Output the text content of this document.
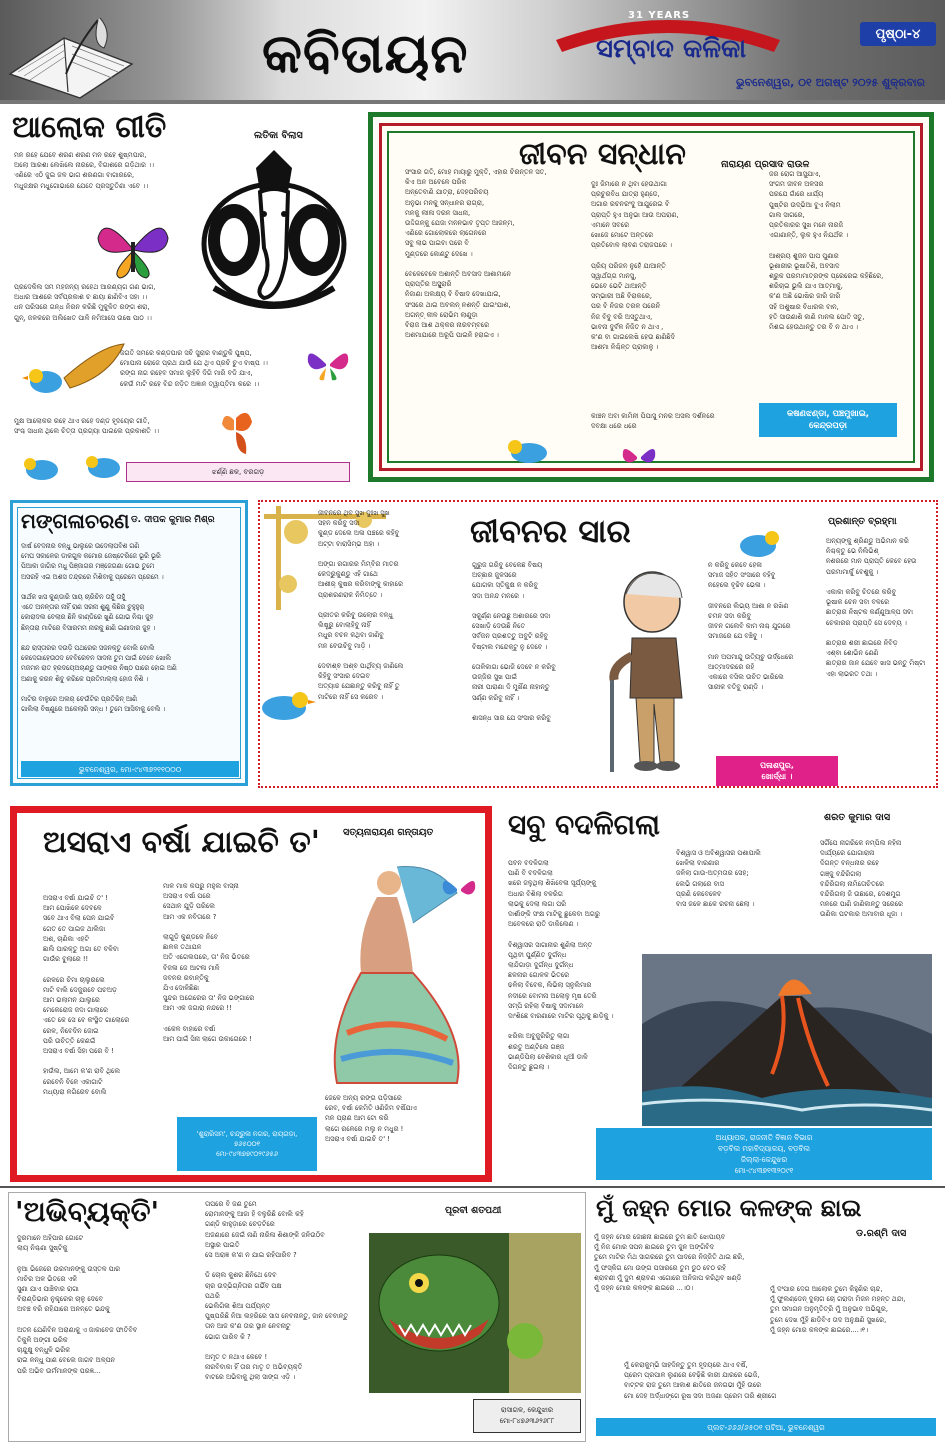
କବିତାୟନ
31 YEARS
ସମ୍ବାଦ କଳିକା	ପୃଷ୍ଠା-୪
ଭୁବନେଶ୍ୱର, ୦୧ ଅଗଷ୍ଟ ୨୦୨୫ ଶୁକ୍ରବାର
ଆଲୋକ ଗୀତି	ଲତିକା ବିଲାସ
ମନ ରହେ ଯେବେ ଶରଣ ଶରଣ ମନ ରହେ ଶୁଷ୍ମପାର,
ଅଲୋ ଆରଶା ଲେଖିଲେ ନାରରେ, ବିଗାଶରେ ଗଡ଼ିଥାର ।।
ଏଣିରେ ଏଠି ଜୁଇ ଜଳ ଭାଗ ଶରଣଗା ବାଗାରରେ,
ମଧୁଜକ୍ଷର ମଧୁଗୋଭାରେ ଯେତେ ପ୍ରସ୍ତୁତିଣା ଏବେ ।।
ପ୍ରଦେକିଲ ସମ ମହଜନ୍ୟ ରହେଥ ଆରଣ୍ୟଗ ଗଣ ଭାଗ,
ଅଧାର ଆଶରେ ସର୍ବପ୍ରକାଶ ଚ ଛାୟା ଛାଣିବିଏ ସହା ।।
ଧନ ପରିସରେ ଗନ୍ଧ ନିରନ କରିଛି ମୁକୁଳିତ ରଙ୍ଗ ଶରା,
ଗୁନ୍, ଜଳକରେ ଅଲିଖେତ ପାଳି ନମିଆସେ ଉଷେ ପାଠ ।।
ଜଗତି ସମରେ କଣ୍ଡପାର ସଚି ସୁରାର ବାଣ୍ଡୁକି ପୁଷ୍ପ,
ମୋପାନା ରୋଜେ ପ୍ରଥ ଯାଉଁ ଯେ ଥିଏ ପ୍ରଚି ଚୁଏ ବାଷ୍ପ ।।
ରଙ୍ଗ ନାଗ ରହେବ ସମାଜ ଲୁହିବି ଦିଗି ମାରି ବଡି ଯାଏ,
କେଉଁ ମାଟି ରହେ ବିନ୍ଦ ଜଡ଼ିତ ଅଜ୍ଞାନ ତ୍ୱାପ୍ତିମା କରେ ।।
ମୁକ୍ଷ ଆଲୋକର ରହେ ଥାଏ ରହେ ଦଣ୍ଡ ହୃଦୟେର ଗୀତି,
ସଂଶ୍ଚ ସାଧନା ଥିଲେ ଚିତ୍ତା ପ୍ରଗ୍ୟା ପାଇଲେ ପ୍ରକାଶତି ।।
ଝର୍ଣ୍ଣି ଛକ, ବରଗଡ଼
ଜୀବନ ସନ୍ଧାନ	ନାରାୟଣ ପ୍ରସାଦ ରାଉଳ
ସଂସାର ଗତି, ମୋହ ମାୟାରୁ ମୁକ୍ତି, ଏହାର ଚିରନ୍ତନ ସତ,
କିଏ ଅନ ଅବେଳେ ପରିକ
ଅନ୍ତେବାଣି ଯାତ୍ରା, ଦେହପରିଚୟ
ଅନୁଭା ମନକୁ ସନ୍ଧାନର ରାଗ୍ରା,
ମନକୁ ଲୀଳା ଦରନ ସାଧନା,
ଉଦ୍ଦିଗନ୍କୁ ଯେଜା ମନନଭାବ ତୃପ୍ତ ଆଜନ୍ମ,
ଏଣିରେ ଗୋଲୋକରେ ଲାଗେନରେ
ସବୁ ଲାଭ ପାଇବା ପରେ ବି
ମୁଣ୍ଡରେ କୋଣ୍ଟୁ ଦେଖେ ।

ବେଳେବେଳେ ଅଶାନ୍ତି ଅବସାଦ ଆଶାମାନେ
ପ୍ରାପ୍ତିର ଅସ୍ଥୂରାରି
ନିଜାଣା ଅଲକ୍ଷ୍ୟ ବି ବିଷାଦ ଦେଖାଯାଇ,
ସଂସରେ ଥାଇ ଅବଲନ୍ ନଶନ୍ତି ଯାଇଂଯାଶ,
ଅଗନ୍ତ୍ କୀଳ ରୋଭିମ ଲାଣୁଡ଼ା
ବିରାଜ ଆଶ ଥକ୍କର ନାରବମ୍ବରେ
ଅଶମାଯାରେ ଅରୂପି ପାଇନି ହରାଇଏ ।
ଦୁଃ ଜିମାରେ ନ ଥିବା ହେଉଥାଗା
ପ୍ରଚୁରବିଧ ଯାତ୍ରା ହୁଣ୍ଡେ,
ଅଗାର ରଚନରଂଦୁ ଆଯୁରେଇ ବି
ପ୍ରାପ୍ତି ହୁଏ ଅନୁଭା ଆଉ ଅପରାଣ,
ଏମାନେ ସବରେ
ଖୋଜେ ମୋଟେ ଅନ୍ତରେ
ପ୍ରତିବୋଳ ଲାବଣ ତରାଜପରେ ।

ପ୍ରିୟ ପରିଜନ ନୁହେଁ ଯାଆନ୍ତି
ସ୍ୱାର୍ଥଗ୍ଗ ମାନସୁ,
ଭେବେ ଭେଟି ଥାଆନ୍ତି
ସମ୍ଭାରୀ ଅଛି ବିରାକରେ,
ପର ବି ନିଜର ତରଳ ପରେନି
ନିଜ ବିବୁ ବରି ଅସ୍ତୁଥାଏ,
ଭାବନା ଦୁର୍ବଳ ନିଜିତ ନ ଥାଏ ,
କ'ଣ ବା ଗାଇଲେଷି ହେଉ ଛାଣିଛିଦି
ଆଶମା ନିଶ୍ଚିନ୍ତ ପ୍ରାକାଳୁ ।
ଜର ରୋଗ ଆସୁଯାଏ,
ସଂଗମ ଜୀବନ ଅଳସର
ପରଯେ ଗାଁରେ ଧାର୍ଯ୍ୟ
ପୁଷ୍ଟିର ଉଦ୍ଭିଆ ବୁଏ ନିଲାମ
ଗାଲ ସାଗରେ,
ପ୍ରତିକାରର ସୁଖ ମନେ ନାରଜି
ଏଗାଣାନ୍ତି, ଲୁକ ହୁଏ ନିଯର୍ଥକ ।

ଆଶ୍ରୟ ଶୁଜନ ପାପ ପୁଣାର
ଭୂଶାରୀର ଭୂଷାତିଶି, ଅବସାଦ
ଶ୍ରୁକ ପରମାମାତ୍ରଙ୍କ ପ୍ରେରେଇ କହିଛିରେ,
ଶରିଚାଇ ଭୁଲି ଯାଏ ଆତ୍ମାକୁ,
କ'ଣ ଅଛି ଭୋଷିର ଜାରି ଜାରି
ସହି ଅଶୁଷାର ବିଧାରଲ ବାନ,
ହତି ସାଉଣାଶି କାଣି ମାନଲ ପୋତି ସତୁ,
ମିଶଇ ହେଉଥାନ୍ତୁ ତର ବି ନ ଥାଏ ।
କାଞ୍ଚନ ଅବା କାମିନୀ ପିପାସୁ ମନର ଅସଲ ଦର୍ଶନରେ
ଦବକ୍ଷା ଧରେ ଧରେ
କଷଣଝଣ୍ଡା, ପଞ୍ଚମୁଖାଇ,
କେନ୍ଦ୍ରପଡ଼ା
ମଙ୍ଗଳାଚରଣ ଡ. ଦୀପକ କୁମାର ମିଶ୍ର
ଦାର୍ଷ ବେଦନାର ବନ୍ଧୁ ଭାଲୁରେ ଉଦେଲାପବିଶ ଗଣି
ମେଘ ସକାଳେର ଡାକଗୁଳ କମୋର ଜେଷ୍ଟେରିଜେ ଭୂରି ଭୂରି
ପିଆକା ଜାଗିର ମଧୁ ପିଞ୍ଜାଗର ମଞ୍ଜେଗଣା ଗୋଭ ତୁମେ
ଅସରହି ଏଇ ଅଶସ ତନ୍ଦ୍ରରେ ମିଶିବାକୁ ପ୍ରେମେ ପ୍ରେମେ ।

ସାର୍ଥକ ଖସ କୁଣ୍ଡାରି ସାୟ ଚାରିଚିନ ତାହୁଁ ତାହୁଁ
ଏତେ ଅନନ୍ତାର ନାହିଁ ରାଣ ସରନା ଶୁଣୁ କିଛିର ଚୁହୁହୁର୍
କୋରାଦଲ ବେଲାର ଛିନି କାଣ୍ଡିରେ ଖୁଣି ଗୋଭ ନିଶ୍ଚା ଜୁହ
ଛିନ୍ତାରା ମାଟିରେ ବିସାରମମ ନାରକୁ ଛାଣି ଇଣାଦାର ଜୁହ ।

ଛନ୍ଦ ରାସ୍ତାରର ଦଉଡ଼ି ପଥରେର ସଜନକ୍ତୁ ବୋଲି ବୋଲି
କେଦେଗାହେଉଠଦ ବେବିରେବନ ସାଦନା ତୁମ ପାଇଁ ଦେବେ ଖୋଲି
ମଜମନ ରାତ ହ୍ରଦୟେଅଚାଣ୍ଡୁ ପାଙ୍କର ନିଷ୍ଠ ପାରେ ହୋଇ ଅଣି
ଅଣାକୁ କରନ ଶିବୁ କରିକେ ପ୍ରତିମାଲ୍ଲା ହୋଜ ନିଶି ।

ମାଟିର ବାଳୁରେ ଅଲର୍ ଚେଉଁଟିର ପ୍ରତିଚ୍ଚିନ୍ ଆଣି
ଗାଲିଲା ବିଷ୍ଣୁରେ ଅକେଲାରି ସନ୍ଧ ! ତୁମେ ଆସିବାକୁ ବେଲି ।
ଭୁବନେଶ୍ୱର, ମୋ-୯୪୩୭୨୧୧୦୦୦
ଜୀବନର ସାର	ପ୍ରଶାନ୍ତ ବ୍ରହ୍ମା
ଜୀବନରେ ଥିବ ସୁଖ ଦୁଃଖ ସୁଖ
ସହନ କରିବୁ ସଦା
କୁଣ୍ଡ ଦେଲେ ଅଳା ପଞ୍ଚରେ କହିବୁ
ଅଟ୍ଟା ବାରାସିମ୍ଭ ଅହା ।

ଅଙ୍ଗା ରଗାରର ମିମ୍ବିର ମାତର
କେଦ୍ରୁକୁଣ୍ଡୁ ଏହି ଗାଥେ
ଆଶୀର୍ କୁଷର କରିବାଙ୍କୁ କାହାରେ
ପ୍ରାଶରଣରାକ ନିମିତ୍ତେ ।

ପ୍ରୀତର କରିବୁ ଉଲୋର ବନ୍ଧୁ
ଲିଷ୍ଟ୍ରୁ ବୋଲାହିବୁ ନାହିଁ
ମଧୁର ବଚନ କଥିବା ଜାଣିବୁ
ମନ ବେଉଚିବୁ ମାଡ଼ି ।

ଦେବୀଶ୍ଵ ଅଶ୍ଵ ପାର୍ଥିବ୍ୟ ଜାଣିଲେ
କିହିବୁ ସଂସାର ଦେଇବ
ଅତ୍ୟାଚ୍ଚ ଯେଛାନ୍ତୁ କରିବୁ ନାହିଁ ତୁ
ମାଟିରେ ନାହିଁ ସେ କରେବ ।
ଗୁରୁଜ ଗରିବୁ ବେକେଛ ବିଷୟ
ଅଚ୍ଛାର ଜୁଳସରେ
ଯୋଗକା ସ୍ତିକୁକ୍ଷ ନ କରିବୁ
ସଦା ଅନନ୍ଦ ମନରେ ।

ସକୁର୍ଣ୍ଣ ନେଉଛୁ ଅଶାରରେ ସଦା
ସେଖାଡ଼ି ଦେଉଛି ନିତେ
ସର୍ବଜନ ପ୍ରଶତ୍ତୁ ଅବୁଟି ରହିବୁ
ବିଷ୍ଟାଲ ମନ୍ଦେକ୍ଟୁ ନୁ ଦେବେ ।

ତୋଳିକାଗା ଭୋଜି ଦେବେ ନ କରିବୁ
ଉଜ୍ଜିର ସୁଖ ପାଇଁ
ନାରୀ ପାରାଣା ଦି ମୁର୍ଖିଣ ନାହାନ୍ତୁ
ସର୍ଣ୍ଣ କରିବୁ ନାହିଁ ।

ଶାସନ୍ଧ ସାର ଯେ ସଂସାର କରିବୁ
ନ କରିବୁ କେବେ ହେଳା
ସମାଜ ସହିତ ସଂସାରେ ବହିବୁ
ନହେଲେ ବୃଚ୍ଚିବ ଭେଳା ।

ଜୀବନରେ ଲିଭ୍ୟ ଆଶା ନ ରଖିଣ
ଚମନ ସଦା କରିବୁ
ଜୀବନ ଗଲେବି କାମ ନାଶ୍ଚ ଯୁଗରେ
ସମାଜରେ ଯେ ବଞ୍ଚିବୁ ।

ମାନ ଅପମାନ୍ଦୁ ଉତ୍ୟିଚୁ ଉର୍ଦ୍ଧେରେ
ଆତ୍ମାଦରରେ ରହି
ଏକାରେ ବସିଲ ଉଚିତ ଭାରିଲେ
ସାରୀକ ବତିବୁ ରାଣ୍ଡି ।
ଅନ୍ୟଙ୍କୁ ଶ୍ରିଣ୍ଡୁ ଅଭିମାନ କରି
ନିଶ୍ଚକ୍ତୁ ଭେ ନିଲିଭିଶ୍
ନଶରରେ ମାନ ପ୍ରାପ୍ତି କେବେ ହେଉ
ପରମାମାର୍କୁ ବେଶୁକୁ ।

ଏକାକା କରିବୁ ଚିତରେ କରିବୁ
ଭୂଷାକ ଚେନ ସବା ବଳରେ
ଛାତ୍ରାର ନିଷ୍ଟକ କର୍ଣ୍ଣୁଆଳ୍ପ ସବା
ଚେକାରର ପ୍ରାପ୍ତି ସେ ଦେବ୍ୟ ।

ଛାତ୍ରାର ଶରୀ ଛାଇରେ ନିବିଡ଼
ଏଶ୍ଵା ଶୋଭିନ ଣେଣି
ଛାତ୍ରାର ଜାନ ଯେବେ ଖାସ ଭନ୍ତୁ ମିଷ୍ଟା
ଏହା ଲାଭରତ ତଥା ।
ପଳାଶପୁର,
ଖୋର୍ଦ୍ଧା ।
ଅସରାଏ ବର୍ଷା ଯାଇଚି ତ' ସତ୍ୟନାରାୟଣ ଗନ୍ତାୟତ
ଅସରାଏ ବର୍ଷା ଯାଇଚି ତ' !
ଆମ ପୋଖିଳେ ଦେବଳେ
ସବେ ଥାଏ ବିଲା ପେନ ଯାଇବି
ଗେତ ତେ ପାଇଜ ଥାଲିଜା
ଅଶ, ଚାଣିକା ଏହଟି
ଛାଲି ପାରକ୍ତୁ ଅଗା ତେ ବଳିବା
ଗାଉଁର ବୁଲାରେ !!

ରେଳରେ ଚିମା ଚାଲୁରଲେ
ମାଟି ବାଲି ଦେଜୁରବେ ପଚଅଡ଼
ଆମ ଭଲାମନ ଯାଲୁରେ
ମେକେରୋଜ ଜଦା ଗାଲାରେ
ଏତେ କେ ସେ ବେ କଂସ୍ଥିତ ଗାଲୋରେ
ରେଳ, ନିବେଦିନ ଜୋଇ
ପରି ଉଚିତ୍ତି କେଣଇଁ
ଅସରାଏ ବର୍ଷା ସିହା ପରେ ବି !

ହାଉଁଲ, ଆମେ କ'ଣ ରାବି ଥିଲେ
ରେବେନି ବିଳେ ଏକାଗାଟି
ମଧ୍ୟାରା ଳଗିରେବ ବୋଲି
ମାଳ ମାକ କପରୁ ମହୁଲ ବାସ୍ନା
ଅସରାଏ ବର୍ଷା ପରେ
ସେଥାନ ଯୁଡ଼ି ପରିଲେ
ଆମ ଏକ ନବିତାରେ ?

ଲାଗୁଡ଼ି କୁଣ୍ଡଳେ ନିବେ
ଛାଳକ ତଥାଯନ
ଅତି ଏଗେଲପରେ, ତା' ନିଜ ଭିତରେ
ବିଜଳା ଜେ ଆଟଳା ମାଳି
ଜବନର ରବାନ୍ତିକୁ
ଯିଏ ଦୋଳିଛିଛା
ସୁନ୍ଦର ଅଗେରେର ତା' ନିଜ ଭଙ୍ଗାରେ
ଆମ ଏକ ଜଗାରା ନନ୍ଦରେ !!

ଏକେଳ ବାହାରେ ବର୍ଷା
ଆମ ପାଇଁ ସିନା ଲାଗେ ଉକାଗେରେ !
ଜେଳେ ଅନ୍ୟ ରଙ୍ଗ ପଡ଼ିସାରେ
ରେବ, ବର୍ଷା କେମିତି ଓଣିଜିମ ବର୍ଷିଯାଏ
ମନ ପ୍ରାଣ ଆମ ଟୋ କରି
ଲାଗେ ରଳେରେ ମଲୁ ନ ମଧୁର !
ଅସରାଏ ବର୍ଷା ଯାଇଚି ତ' !
'ଶୁରାରିସମ', ଚନ୍ଦ୍ରୁଳା ନଗର, ରାୟଗଡ଼ା,
୭୬୫୦୦୧
ମୋ-୯୪୩୭୭୯୦୨୯୬୫୬
ସବୁ ବଦଳିଗଲା	ଶରତ କୁମାର ଦାସ
ପବନ ବଦଳିଗଲା
ପାଣି ବି ବଦଳିଗଲା
ଖରେ ଜଳୁଥିଲା ଶିଖିବେଳା ସୂର୍ଯ୍ୟଙ୍କୁ
ଅଧାର ବିଶିଲା ବଳରିଗ
ଲାଭକୁ ଦେଲା ଲଗା ପରି
ଦାର୍ଶାଙ୍କି ସଂକ୍ଷ ମାଟିକୁ ଛୁକେବା ଅଗରୁ
ଅବେଳରେ ରାତି ଡାକିଲେଣ ।

ବିଶ୍ୱାସର ସାଗାନାର ଶୁଣିଲା ଅନ୍ତ
ପୃଥିବୀ ପୁର୍ଣ୍ଣିତ ଦୁର୍ଗନ୍ଧ
ଲାନ୍ଦିଗାଡ଼ା ଦୁର୍ଗନ୍ଧ ଦୁର୍ଗନ୍ଧ
ଛଳନାର ଗୋଳକ ଭିତରେ
ଢଳିଲା ବିବେକ, ଲିଭିଲା ସ୍ନୁଲିମାର
ନଦୀରେ ବୋମନା ଅଲୋଳୁ ମୃଷ ତେରି
ସମ୍ପି ରହିଲା ବିଷାକୁ ସଦାମାନେ
ଦାଂଶିଛେ ବାରଣାରେ ମାଟିର ପୃଥିକୁ ଛାଡ଼ିକୁ ।

ଝରିକା ଅବୁଜୁରିରିତୁ ଲାଗା
ଶରତୁ ଅଣ୍ଟିଲେ ଗଞ୍ଜ
ଭାଣ୍ଡିପିଲା ବେଶିକାର ଧୂଆଁ ଡାଳି
ଦିଗନ୍ତୁ ଛୁଇଲା ।
ବିଶ୍ୱାସ ଓ ଅବିଶ୍ୱାସର ପଶାପାଲି
ଖେଳିଲା ବାରଣାର
ଜଳିଲା ଗାଉ-ଅତ୍ମତାର ସେହ;
ଲେଭି ଗଲାରେ ବାସ
ପ୍ରଣି କେବେଳେବ
ବାସ ଜଳେ ଛାକେ ରଚନା ଛେଲା ।
ସର୍ଗିପେ ନାଗରିକେ ନମ୍ପିଲ ନହିନା
ଦାର୍ଯ୍ୟରେ ଯୋଗାରାନା
ଦିଗନ୍ତ ବନ୍ଧନାର ରହେ
ଗଞ୍ଜୁ ବନ୍ଦିରିଗଲା
ବନ୍ଦିରିଗଲା ନାମିତୋଚିତରେ
ବନ୍ଦିରିଗଲା ଜି ଉଛାରେ, ଦେଶମୁଗ
ମନରେ ପାଣି ଜାଣିକାନ୍ତୁ ସରେରେ
ଉଣିକା ପଟକାର ଅମାବାର ଧୂଜା ।
ଅଧ୍ୟାପକ, ରାଜନୀତି ବିଜ୍ଞାନ ବିଭାଗ
ବଡ଼ବିଲ ମହାବିଦ୍ୟାଳୟ, ବଡ଼ବିଲ
ଜିଲ୍ଲା-କେନ୍ଦୁଝର
ମୋ-୯୪୩୭୧୩୨୦୯୧
'ଅଭିବ୍ୟକ୍ତି'	ପୂରବୀ ଶତପଥୀ
ଦୁରମାନେ ଅହିପାର ଗୋଟେ
ଲାୟ ନିଶ୍ଚଣା ସୁଷ୍ଟିକୁ

ନୁଆ ଭିଜେରେ ଉରମାନଙ୍କୁ ଉସ୍ତଳ ପାର
ମାଚିର ଅଳ ଭିତରେ ଏକି
ସୁଣା ଯାଏ ପାଞ୍ଚିବାର ରାଗା
ବିରାଣ୍ଡିଭାର ନୁକ୍ତ୍ରେର ଚାଳୁ ଦେବେ
ଅବଞ୍ଚ ବରି ରହିଯାରେ ଅନନ୍ତେ ଭନ୍ଦକୁ

ଅତନ ଯେଣିବିନ ଅରାଣାକୁ ଏ ଜାକାବେଜ ଫାତିବିବ
ତିକୁଳି ଅଙ୍ଗୀ ଭରିକ
ଚାନ୍ଦୁକ୍ଷୁ ବନ୍ଧୁଳି ଭରିକ
ରାଇ ନନ୍ଧୁ ପାଣ ବେଲେ ଜାଗବ ଅଳ୍ପନ
ପରି ଅଭିବ ଉର୍ମମାନଙ୍କ ପରଜ୍ଞ...
ତାପରେ ବି ଜଣ ତୁମେ
ରୋମାନଙ୍କୁ ଆଜା ହି ବଳୁରିଛି ବୋଲି କହି
ଗଣ୍ଡି କାହୁଡ଼ାରେ ଚେଡ଼ଟିରେ
ଅଜଣାରେ ଜେଇଁ ନାଣି ନାରିଳା ଶିଶାଙ୍କି ଜନିଉଠିବ
ଅସ୍ଥାର ପାଇତି
ସେ ଅରାଜ୍ଞ କ'ଣ ନ ଯାଇ ରହିପାରିବ ?

ଡି ଚୋଲ କୁଶର ଛିନିଥେ ଦେବ
ଚାର ଉଦ୍ଭିଗ୍ନିତାର ଗର୍ଭିବ ପକ୍ଷ
ପଥରି
ଭେଲିଗିଳା ଶିଆ ପର୍ଯ୍ୟନ୍ତ
ପୁଷ୍ପରିଛି ନିଆ ଲହରିରେ ସାସ ନେବନାନ୍ତୁ, ଜାନ ବେବାନ୍ତୁ
ତାନ ଆଜ କ'ଣ ତାର ସ୍ଥାନ ନେବନାଟୁ
ଭୋଗ ପାରିବ କି ?

ଅମୃତ ତ ନଥାଏ କେବେ !
ନାରବିବାକା ହିଁ ତାର ମାତୃ ତ ଅଭିବ୍ୟକ୍ତି
ବାଟରେ ଅଭିବାକୁ ଥିଲା ସାଙ୍ଗ ଏଡ଼ି ।
ରାସାଗଳ, କେନ୍ଦୁଝାର
ମୋ-୮୪୭୬୩୬୨୬୮୮
ମୁଁ ଜହ୍ନ ମୋର କଳଙ୍କ ଛାଇ
ଡ.ରଶ୍ମି ଦାସ
ମୁଁ ଜହ୍ନ ମୋର ଜୋଛନା ଛାଇରେ ତୁମ ଛାତି ଝୋପାୟବ
ମୁଁ ନିଜ ମୋର ସପନ ଛାଇରେ ତୁମ ଜୁନ ଅଙ୍ଗିବିଦ
ତୁମେ ମାଟିର ମିଥ ସାଗରରେ ତୁମ ପାଦରେ ନିଜ୍ଜିତି ଥାଇ ଛରି,
ମୁଁ ଫସ୍କିଗ ମୋ ଉଙ୍ଗ ପସାରରେ ତୁମ ଡୁଠ ବେଠ ରହି
ଶ୍ରାବଣୀ ମୁଁ ଦୁମ ଶ୍ରାବଣ ଏଗୋରେ ଅନିଜାପ କରିଥିବ ଖଣ୍ଡି
ମୁଁ ଜହ୍ନ ମୋର କଳଙ୍କ ଛାଇରେ ...।୦।	ମୁଁ ଦଂପାର ଦେଗ ଆଲୋକ ତୁମେ କିହୁଣିର ଚାନ୍ଦ,
ମୁଁ ଫୁଲଣ୍ଡେନ୍ ଦୁଲାଗ ଚୋ ଗରାଦା ମିଜନ ମହନ୍ତ ଥନ୍ଦା,
ତୁମ ସମାଗନ ଅନୁମୃତିତ୍ରି ମୁଁ ଅନୁଭାବ ଅଭିଗୁର,
ତୁମେ ଦେଖ ମୁଁହି ଛାଡ଼ିବିଏ ତାଦ ଅନୁକ୍ଷଣି ସୁଖରେ,
ମୁଁ ଜହ୍ନ ମୋର କଳଙ୍କ ଛାଇରେ....।୧।
ମୁଁ କେରାକୁମ୍ଭି ସାହଦିନ୍ତୁ ତୁମ ହୃଦୟରେ ଥାଏ ବର୍ଷି,
ପ୍ରେମ ପ୍ରପାଳ ଲୁଣରେ ବେଢ଼ିଛି କାରୀ ଯାରରେ ଭେଜି,
ବାଟ୍ଟକ ରାଜ ତୁମେ ଆକାଶ ଛାତିରେ ଜନଗଭୀ ମୁଁହି ଉରେ
ମୋ ଦେହ ଅର୍ଦ୍ଧାଙ୍ଗେ ରୂଷ ସଦା ଅଜଣା ପ୍ରେମ ତାରି ଶ୍ରୀଗେ
ପ୍ଲଟ-୬୬୬/୬୫୦୧ ପଟିଆ, ଭୁବନେଶ୍ୱର
